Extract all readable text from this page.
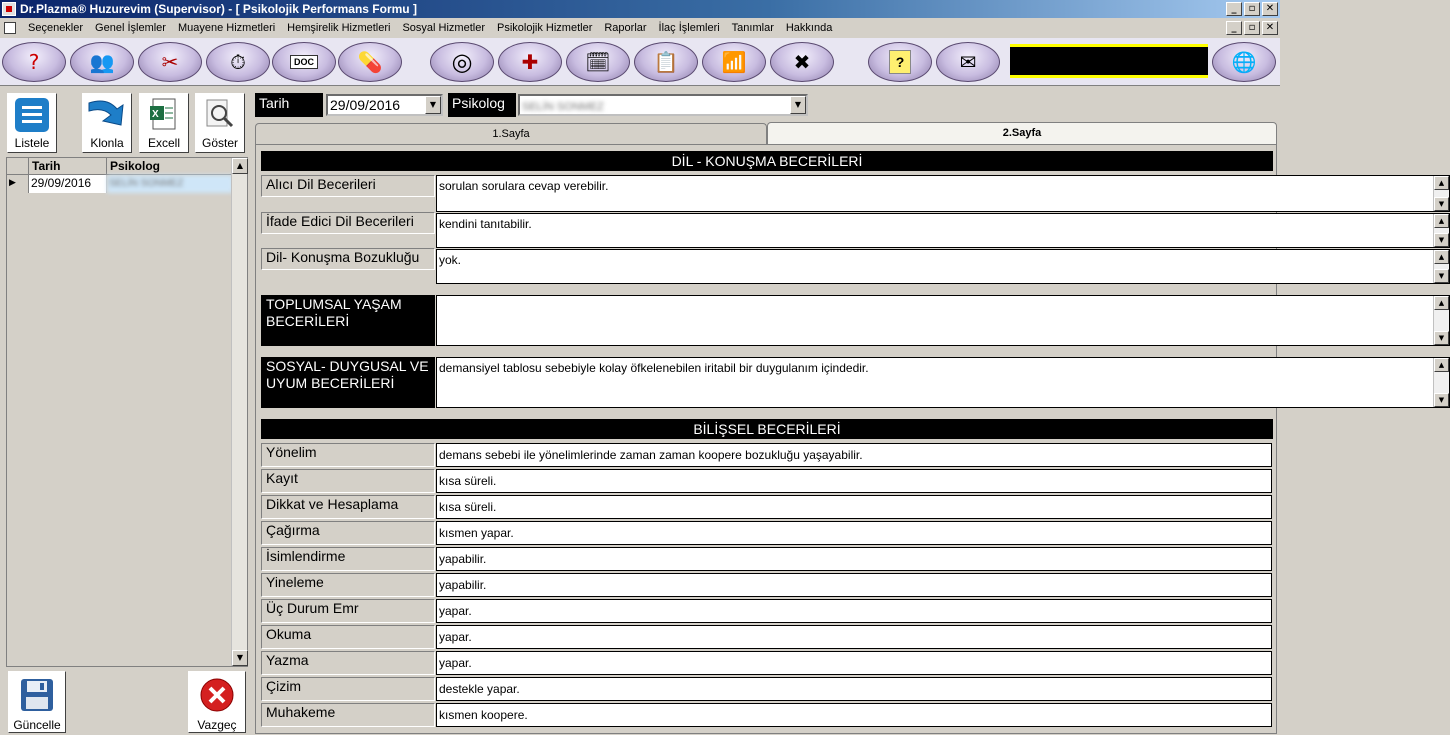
Dr.Plazma® Huzurevim (Supervisor) - [ Psikolojik Performans Formu ]	_	▫	✕
Seçenekler	Genel İşlemler	Muayene Hizmetleri	Hemşirelik Hizmetleri	Sosyal Hizmetler	Psikolojik Hizmetler	Raporlar	İlaç İşlemleri	Tanımlar	Hakkında	_	▫	✕
?	👥 ✂	⏱	DOC 💊	◎ ✚ 🗓 📋 📶 ✖	?	✉	🌐
Listele	Klonla
X
Excell Göster
Tarih	Psikolog
▶	29/09/2016	SELİN SONMEZ
▲
▼
Güncelle	Vazgeç
Tarih	29/09/2016	▼	Psikolog	SELİN SONMEZ	▼
1.Sayfa	2.Sayfa
DİL - KONUŞMA BECERİLERİ
Alıcı Dil Becerileri	sorulan sorulara cevap verebilir.	▲
▼
İfade Edici Dil Becerileri	kendini tanıtabilir.	▲
▼
Dil- Konuşma Bozukluğu	yok.	▲
▼
TOPLUMSAL YAŞAM BECERİLERİ
▲
▼
SOSYAL- DUYGUSAL VE UYUM BECERİLERİ
demansiyel tablosu sebebiyle kolay öfkelenebilen iritabil bir duygulanım içindedir.	▲
▼
BİLİŞSEL BECERİLERİ
Yönelim	demans sebebi ile yönelimlerinde zaman zaman koopere bozukluğu yaşayabilir.
Kayıt	kısa süreli.
Dikkat ve Hesaplama	kısa süreli.
Çağırma	kısmen yapar.
İsimlendirme	yapabilir.
Yineleme	yapabilir.
Üç Durum Emr	yapar.
Okuma	yapar.
Yazma	yapar.
Çizim	destekle yapar.
Muhakeme	kısmen koopere.
